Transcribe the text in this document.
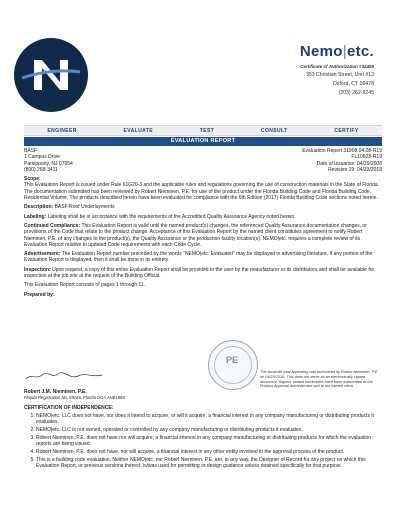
Nemo|etc.
Certificate of Authorization #32455
353 Christian Street, Unit #13
Oxford, CT 06478
(203) 262-9245
ENGINEER	EVALUATE	TEST	CONSULT	CERTIFY
EVALUATION REPORT
BASF	Evaluation Report 31908.04.08-R19
1 Campus Drive	FL10828-R19
Parsippany, NJ 07054	Date of Issuance: 04/29/2008
(800) 268-3411	Revision 19: 04/23/2018

Scope:

This Evaluation Report is issued under Rule 61G20-3 and the applicable rules and regulations governing the use of construction materials in the State of Florida. The documentation submitted has been reviewed by Robert Nieminen, P.E. for use of the product under the Florida Building Code and Florida Building Code, Residential Volume. The products described herein have been evaluated for compliance with the 6th Edition (2017) Florida Building Code sections noted herein.

Description: BASF Roof Underlayments

Labeling: Labeling shall be in accordance with the requirements of the Accredited Quality Assurance Agency noted herein.

Continued Compliance: This Evaluation Report is valid until the named product(s) changes, the referenced Quality Assurance documentation changes, or provisions of the Code that relate to the product change. Acceptance of this Evaluation Report by the named client constitutes agreement to notify Robert Nieminen, P.E. of any changes to the product(s), the Quality Assurance or the production facility location(s). NEMO|etc. requires a complete review of its Evaluation Report relative to updated Code requirements with each Code Cycle.

Advertisement: The Evaluation Report number preceded by the words "NEMO|etc. Evaluated" may be displayed in advertising literature. If any portion of the Evaluation Report is displayed, then it shall be done in its entirety.

Inspection: Upon request, a copy of this entire Evaluation Report shall be provided to the user by the manufacturer or its distributors and shall be available for inspection at the job site at the request of the Building Official.

This Evaluation Report consists of pages 1 through 11.

Prepared by:

PE
The facsimile seal appearing was authorized by Robert Nieminen, P.E. on 04/23/2018. This does not serve as an electronically signed document. Signed, sealed hardcopies have been transmitted to the Product Approval Administrator and to the named client.

Robert J.M. Nieminen, P.E.

Florida Registration No. 59166, Florida DCA ANE1983

CERTIFICATION OF INDEPENDENCE:

1. NEMO|etc. LLC does not have, nor does it intend to acquire, or will it acquire, a financial interest in any company manufacturing or distributing products it evaluates.
2. NEMO|etc. LLC is not owned, operated or controlled by any company manufacturing or distributing products it evaluates.
3. Robert Nieminen, P.E. does not have nor will acquire, a financial interest in any company manufacturing or distributing products for which the evaluation reports are being issued.
4. Robert Nieminen, P.E. does not have, nor will acquire, a financial interest in any other entity involved in the approval process of the product.
5. This is a building code evaluation. Neither NEMO|etc. nor Robert Nieminen, P.E. are, in any way, the Designer of Record for any project on which this Evaluation Report, or previous versions thereof, is/was used for permitting or design guidance unless retained specifically for that purpose.
